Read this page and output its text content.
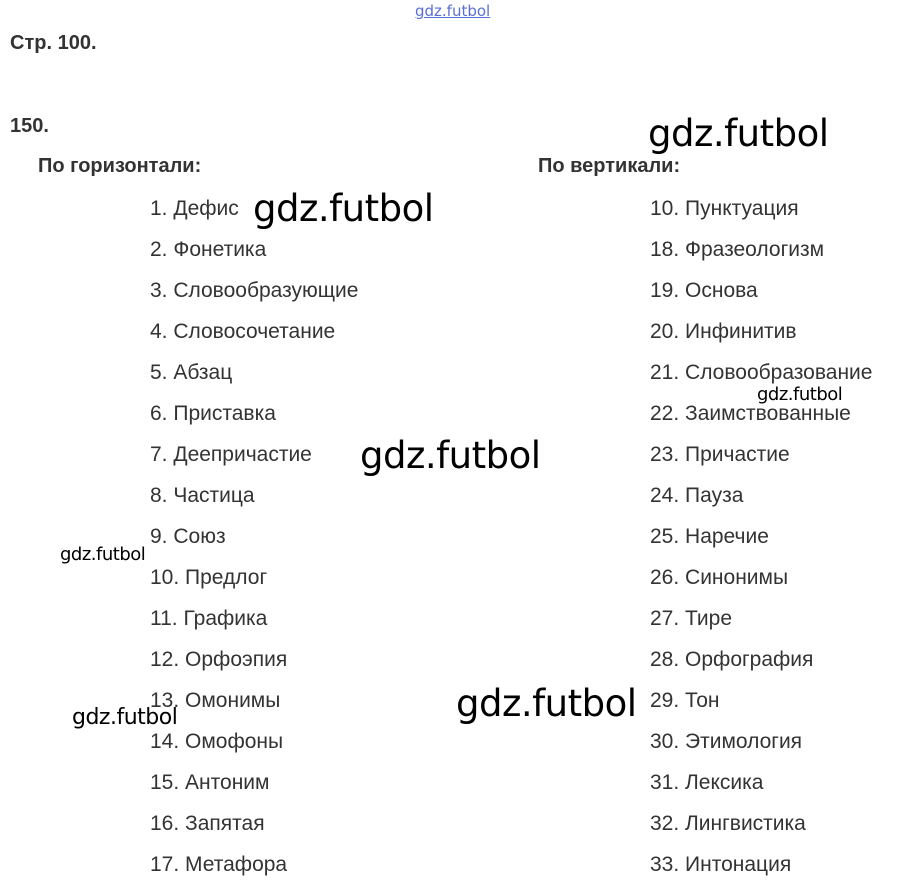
gdz.futbol
Стр. 100.
150.
По горизонтали:	По вертикали:
1. Дефис
2. Фонетика
3. Словообразующие
4. Словосочетание
5. Абзац
6. Приставка
7. Деепричастие
8. Частица
9. Союз
10. Предлог
11. Графика
12. Орфоэпия
13. Омонимы
14. Омофоны
15. Антоним
16. Запятая
17. Метафора
10. Пунктуация
18. Фразеологизм
19. Основа
20. Инфинитив
21. Словообразование
22. Заимствованные
23. Причастие
24. Пауза
25. Наречие
26. Синонимы
27. Тире
28. Орфография
29. Тон
30. Этимология
31. Лексика
32. Лингвистика
33. Интонация
gdz.futbol
gdz.futbol
gdz.futbol
gdz.futbol
gdz.futbol
gdz.futbol
gdz.futbol
